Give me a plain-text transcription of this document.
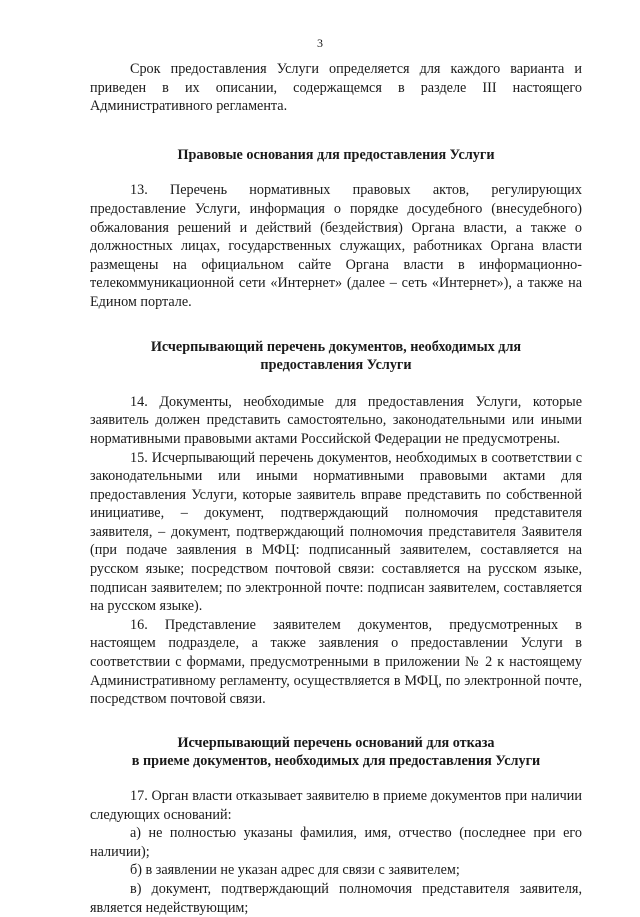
3

Срок предоставления Услуги определяется для каждого варианта и приведен в их описании, содержащемся в разделе III настоящего Административного регламента.

Правовые основания для предоставления Услуги

13. Перечень нормативных правовых актов, регулирующих предоставление Услуги, информация о порядке досудебного (внесудебного) обжалования решений и действий (бездействия) Органа власти, а также о должностных лицах, государственных служащих, работниках Органа власти размещены на официальном сайте Органа власти в информационно-телекоммуникационной сети «Интернет» (далее – сеть «Интернет»), а также на Едином портале.

Исчерпывающий перечень документов, необходимых для
предоставления Услуги

14. Документы, необходимые для предоставления Услуги, которые заявитель должен представить самостоятельно, законодательными или иными нормативными правовыми актами Российской Федерации не предусмотрены.

15. Исчерпывающий перечень документов, необходимых в соответствии с законодательными или иными нормативными правовыми актами для предоставления Услуги, которые заявитель вправе представить по собственной инициативе, – документ, подтверждающий полномочия представителя заявителя, – документ, подтверждающий полномочия представителя Заявителя (при подаче заявления в МФЦ: подписанный заявителем, составляется на русском языке; посредством почтовой связи: составляется на русском языке, подписан заявителем; по электронной почте: подписан заявителем, составляется на русском языке).

16. Представление заявителем документов, предусмотренных в настоящем подразделе, а также заявления о предоставлении Услуги в соответствии с формами, предусмотренными в приложении № 2 к настоящему Административному регламенту, осуществляется в МФЦ, по электронной почте, посредством почтовой связи.

Исчерпывающий перечень оснований для отказа
в приеме документов, необходимых для предоставления Услуги

17. Орган власти отказывает заявителю в приеме документов при наличии следующих оснований:

а) не полностью указаны фамилия, имя, отчество (последнее при его наличии);

б) в заявлении не указан адрес для связи с заявителем;

в) документ, подтверждающий полномочия представителя заявителя, является недействующим;
